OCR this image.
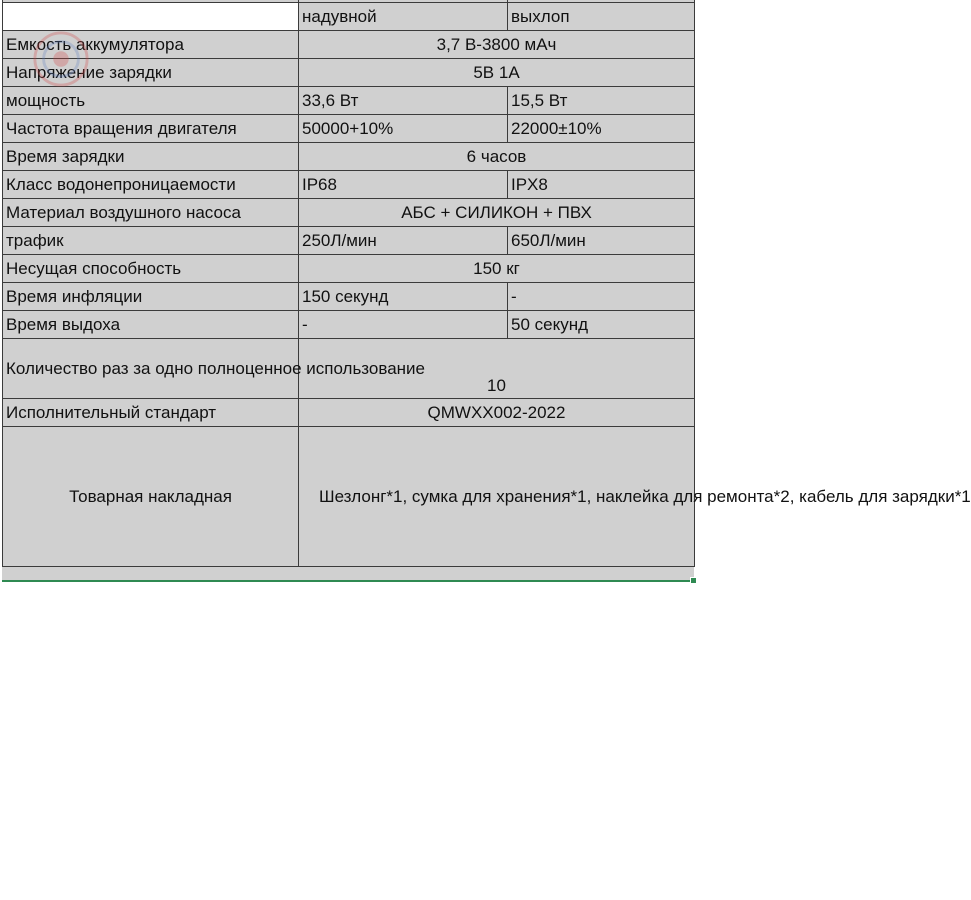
	надувной	выхлоп
Емкость аккумулятора	3,7 В-3800 мАч	
Напряжение зарядки	5В 1А	
мощность	33,6 Вт	15,5 Вт
Частота вращения двигателя	50000+10%	22000±10%
Время зарядки	6 часов	
Класс водонепроницаемости	IP68	IPX8
Материал воздушного насоса	АБС + СИЛИКОН + ПВХ	
трафик	250Л/мин	650Л/мин
Несущая способность	150 кг	
Время инфляции	150 секунд	-
Время выдоха	-	50 секунд
Количество раз за одно полноценное использование	10	
Исполнительный стандарт	QMWXX002-2022	
Товарная накладная	Шезлонг*1, сумка для хранения*1, наклейка для ремонта*2, кабель для зарядки*1	
